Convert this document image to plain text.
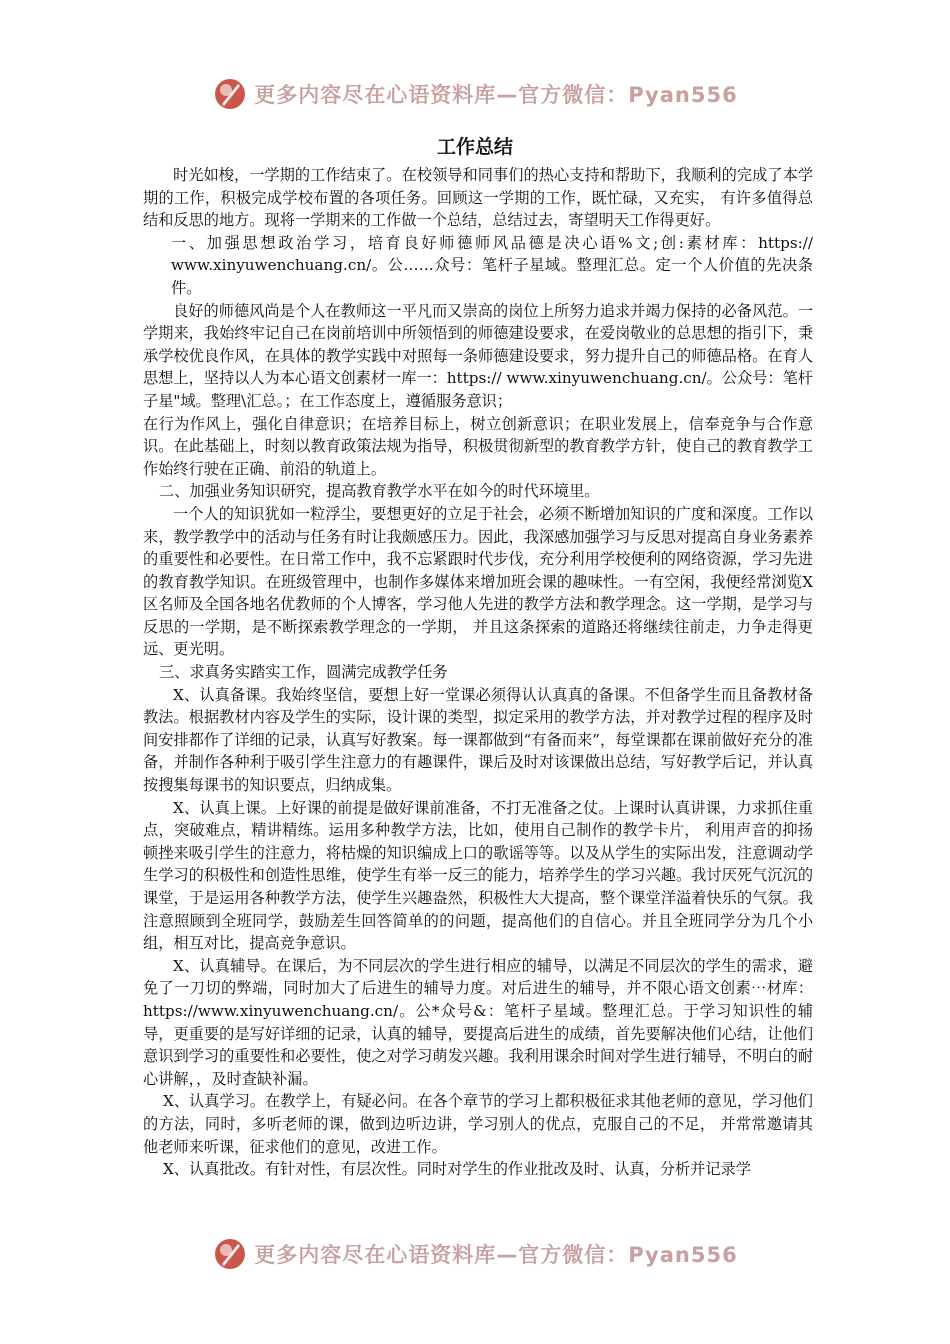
更多内容尽在心语资料库—官方微信：Pyan556
工作总结

时光如梭，一学期的工作结束了。在校领导和同事们的热心支持和帮助下，我顺利的完成了本学期的工作，积极完成学校布置的各项任务。回顾这一学期的工作，既忙碌，又充实， 有许多值得总结和反思的地方。现将一学期来的工作做一个总结，总结过去，寄望明天工作得更好。

一、加强思想政治学习，培育良好师德师风品德是决心语%文;创:素材库：https:// www.xinyuwenchuang.cn/。公……众号：笔杆子星域。整理汇总。定一个人价值的先决条件。

良好的师德风尚是个人在教师这一平凡而又崇高的岗位上所努力追求并竭力保持的必备风范。一学期来，我始终牢记自己在岗前培训中所领悟到的师德建设要求，在爱岗敬业的总思想的指引下，秉承学校优良作风，在具体的教学实践中对照每一条师德建设要求，努力提升自己的师德品格。在育人思想上，坚持以人为本心语文创素材一库一：https:// www.xinyuwenchuang.cn/。公众号：笔杆子星"域。整理\汇总。；在工作态度上，遵循服务意识；

在行为作风上，强化自律意识；在培养目标上，树立创新意识；在职业发展上，信奉竞争与合作意识。在此基础上，时刻以教育政策法规为指导，积极贯彻新型的教育教学方针，使自己的教育教学工作始终行驶在正确、前沿的轨道上。

二、加强业务知识研究，提高教育教学水平在如今的时代环境里。

一个人的知识犹如一粒浮尘，要想更好的立足于社会，必须不断增加知识的广度和深度。工作以来，教学教学中的活动与任务有时让我颇感压力。因此，我深感加强学习与反思对提高自身业务素养的重要性和必要性。在日常工作中，我不忘紧跟时代步伐，充分利用学校便利的网络资源，学习先进的教育教学知识。在班级管理中，也制作多媒体来增加班会课的趣味性。一有空闲，我便经常浏览X区名师及全国各地名优教师的个人博客，学习他人先进的教学方法和教学理念。这一学期，是学习与反思的一学期，是不断探索教学理念的一学期， 并且这条探索的道路还将继续往前走，力争走得更远、更光明。

三、求真务实踏实工作，圆满完成教学任务

X、认真备课。我始终坚信，要想上好一堂课必须得认认真真的备课。不但备学生而且备教材备教法。根据教材内容及学生的实际，设计课的类型，拟定采用的教学方法，并对教学过程的程序及时间安排都作了详细的记录，认真写好教案。每一课都做到“有备而来”，每堂课都在课前做好充分的准备，并制作各种利于吸引学生注意力的有趣课件，课后及时对该课做出总结，写好教学后记，并认真按搜集每课书的知识要点，归纳成集。

X、认真上课。上好课的前提是做好课前准备，不打无准备之仗。上课时认真讲课，力求抓住重点，突破难点，精讲精练。运用多种教学方法，比如，使用自己制作的教学卡片， 利用声音的抑扬顿挫来吸引学生的注意力，将枯燥的知识编成上口的歌谣等等。以及从学生的实际出发，注意调动学生学习的积极性和创造性思维，使学生有举一反三的能力，培养学生的学习兴趣。我讨厌死气沉沉的课堂，于是运用各种教学方法，使学生兴趣盎然，积极性大大提高，整个课堂洋溢着快乐的气氛。我注意照顾到全班同学，鼓励差生回答简单的的问题，提高他们的自信心。并且全班同学分为几个小组，相互对比，提高竞争意识。

X、认真辅导。在课后，为不同层次的学生进行相应的辅导，以满足不同层次的学生的需求，避免了一刀切的弊端，同时加大了后进生的辅导力度。对后进生的辅导，并不限心语文创素⋯材库：https://www.xinyuwenchuang.cn/。公*众号&：笔杆子星域。整理汇总。于学习知识性的辅导，更重要的是写好详细的记录，认真的辅导，要提高后进生的成绩，首先要解决他们心结，让他们意识到学习的重要性和必要性，使之对学习萌发兴趣。我利用课余时间对学生进行辅导，不明白的耐心讲解，，及时查缺补漏。

X、认真学习。在教学上，有疑必问。在各个章节的学习上都积极征求其他老师的意见，学习他们的方法，同时，多听老师的课，做到边听边讲，学习别人的优点，克服自己的不足， 并常常邀请其他老师来听课，征求他们的意见，改进工作。

X、认真批改。有针对性，有层次性。同时对学生的作业批改及时、认真，分析并记录学

更多内容尽在心语资料库—官方微信：Pyan556
